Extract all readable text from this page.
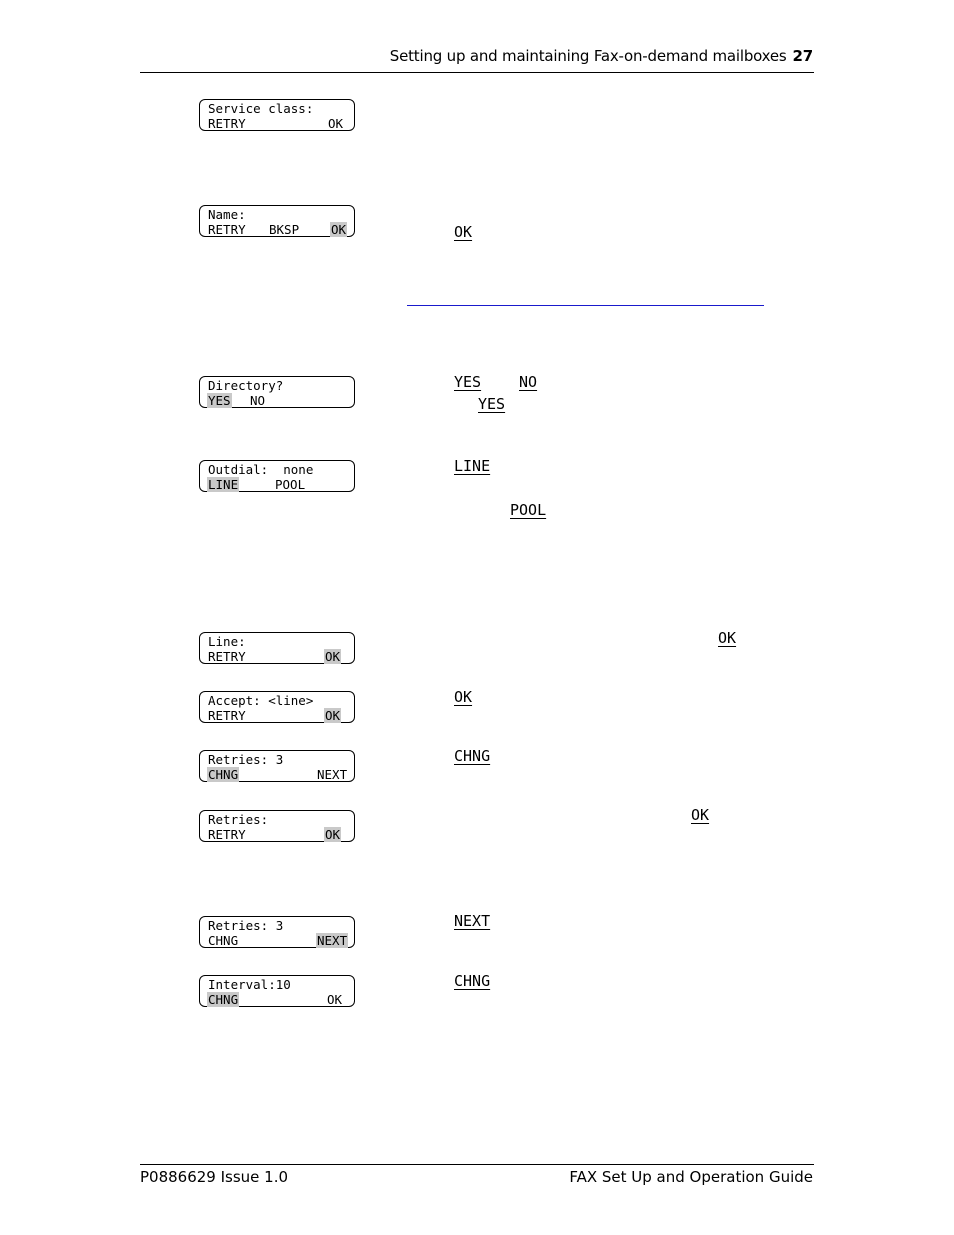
Setting up and maintaining Fax-on-demand mailboxes 27
Service class:
RETRY	OK
Name:
RETRY BKSP	OK
Directory?
YES NO
Outdial:  none
LINE	POOL
Line:
RETRY	OK
Accept: <line>
RETRY	OK
Retries: 3
CHNG	NEXT
Retries:
RETRY	OK
Retries: 3
CHNG	NEXT
Interval:10
CHNG	OK
OK
YES	NO
YES
LINE
POOL
OK
OK
CHNG
OK
NEXT
CHNG
P0886629 Issue 1.0	FAX Set Up and Operation Guide
